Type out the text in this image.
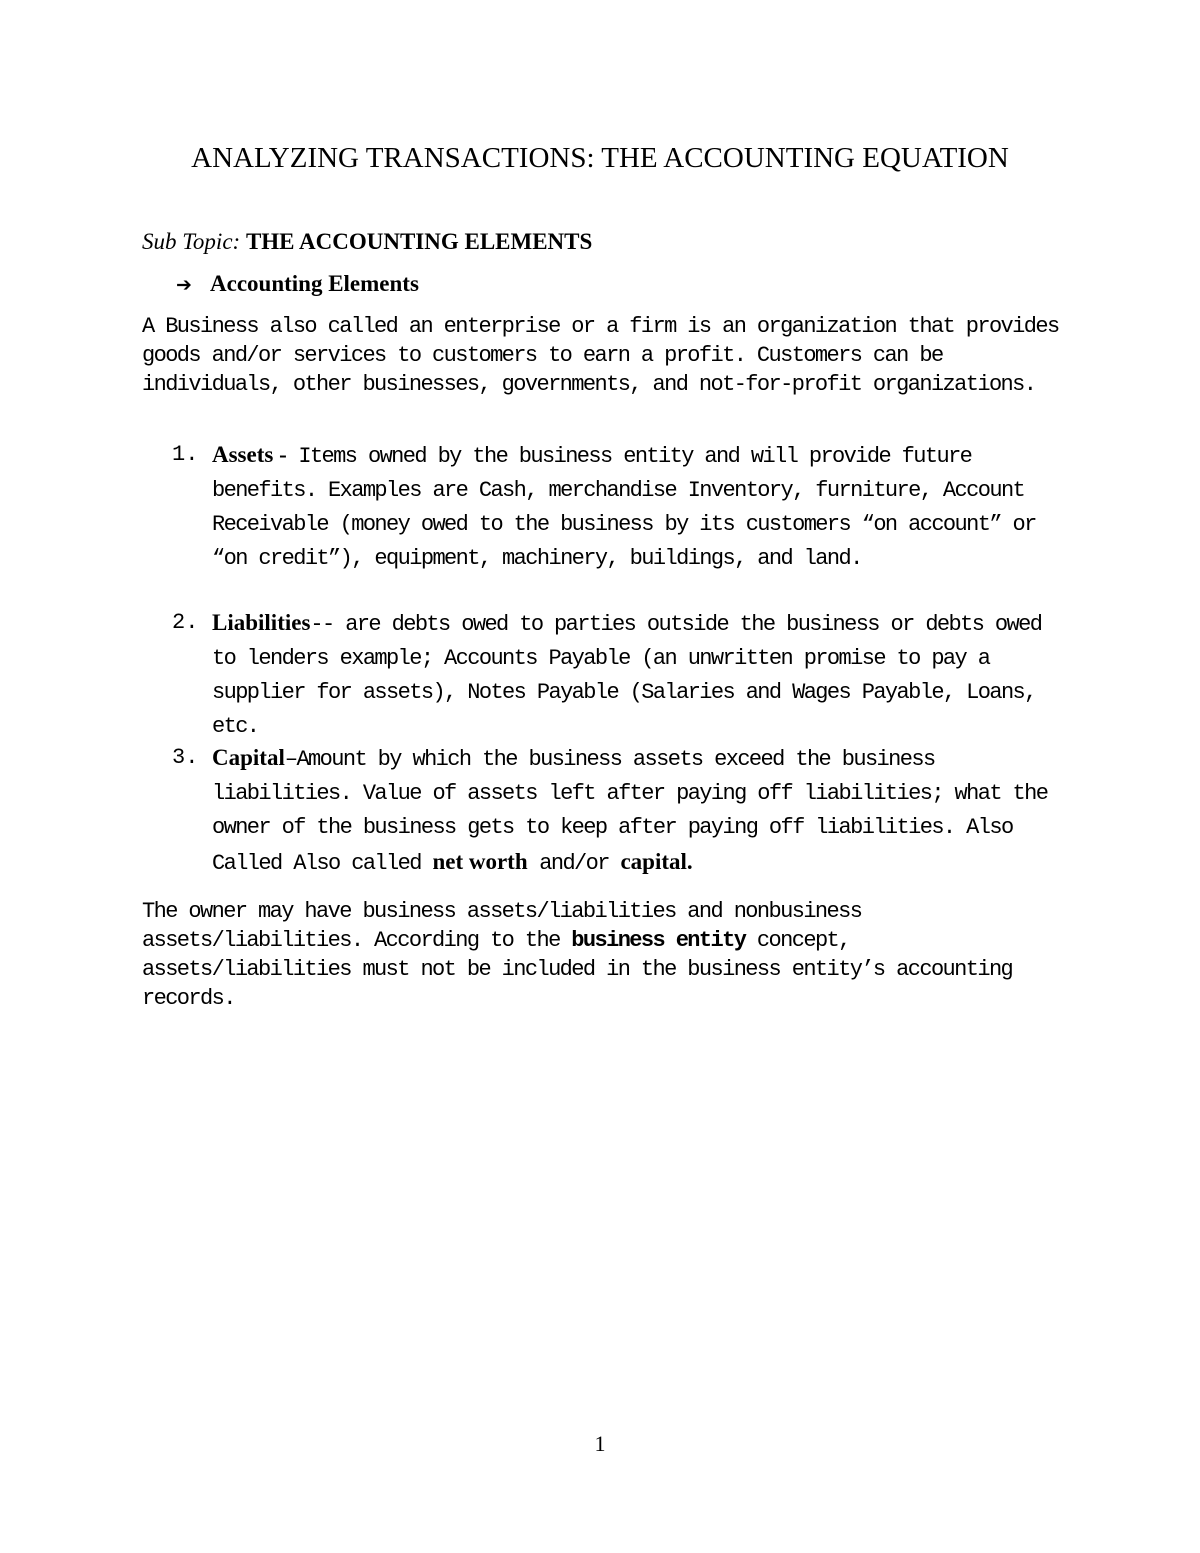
ANALYZING TRANSACTIONS: THE ACCOUNTING EQUATION
Sub Topic: THE ACCOUNTING ELEMENTS
➔ Accounting Elements
A Business also called an enterprise or a firm is an organization that provides goods and/or services to customers to earn a profit. Customers can be individuals, other businesses, governments, and not-for-profit organizations.
1. Assets - Items owned by the business entity and will provide future benefits. Examples are Cash, merchandise Inventory, furniture, Account Receivable (money owed to the business by its customers “on account” or “on credit”), equipment, machinery, buildings, and land.
2. Liabilities-- are debts owed to parties outside the business or debts owed to lenders example; Accounts Payable (an unwritten promise to pay a supplier for assets), Notes Payable (Salaries and Wages Payable, Loans, etc.
3. Capital–Amount by which the business assets exceed the business liabilities. Value of assets left after paying off liabilities; what the owner of the business gets to keep after paying off liabilities. Also Called Also called net worth and/or capital.
The owner may have business assets/liabilities and nonbusiness assets/liabilities. According to the business entity concept, assets/liabilities must not be included in the business entity’s accounting records.
1
